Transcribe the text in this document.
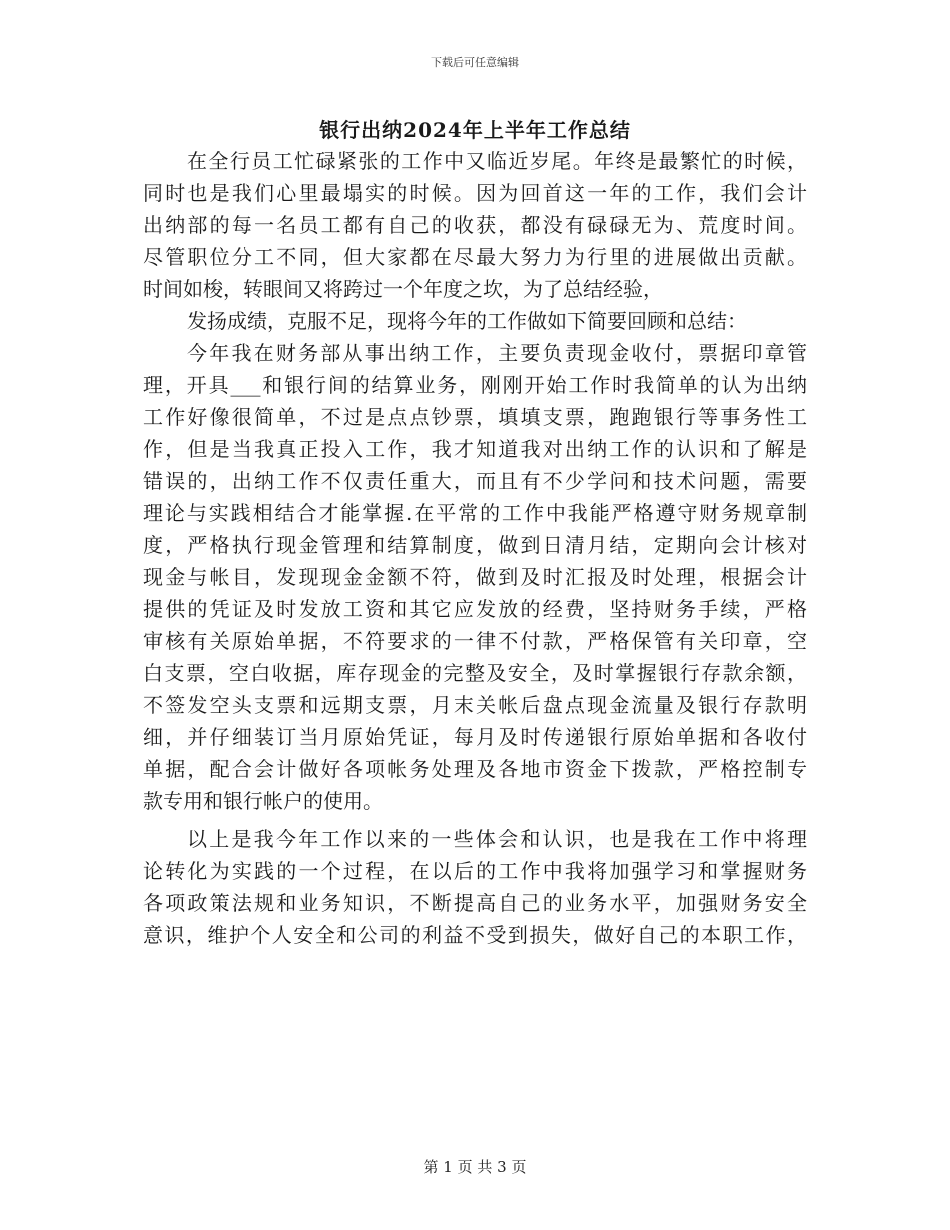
下载后可任意编辑
银行出纳2024年上半年工作总结
在全行员工忙碌紧张的工作中又临近岁尾。年终是最繁忙的时候，
同时也是我们心里最塌实的时候。因为回首这一年的工作，我们会计
出纳部的每一名员工都有自己的收获，都没有碌碌无为、荒度时间。
尽管职位分工不同，但大家都在尽最大努力为行里的进展做出贡献。
时间如梭，转眼间又将跨过一个年度之坎，为了总结经验，
发扬成绩，克服不足，现将今年的工作做如下简要回顾和总结：
今年我在财务部从事出纳工作，主要负责现金收付，票据印章管
理，开具___和银行间的结算业务，刚刚开始工作时我简单的认为出纳
工作好像很简单，不过是点点钞票，填填支票，跑跑银行等事务性工
作，但是当我真正投入工作，我才知道我对出纳工作的认识和了解是
错误的，出纳工作不仅责任重大，而且有不少学问和技术问题，需要
理论与实践相结合才能掌握.在平常的工作中我能严格遵守财务规章制
度，严格执行现金管理和结算制度，做到日清月结，定期向会计核对
现金与帐目，发现现金金额不符，做到及时汇报及时处理，根据会计
提供的凭证及时发放工资和其它应发放的经费，坚持财务手续，严格
审核有关原始单据，不符要求的一律不付款，严格保管有关印章，空
白支票，空白收据，库存现金的完整及安全，及时掌握银行存款余额，
不签发空头支票和远期支票，月末关帐后盘点现金流量及银行存款明
细，并仔细装订当月原始凭证，每月及时传递银行原始单据和各收付
单据，配合会计做好各项帐务处理及各地市资金下拨款，严格控制专
款专用和银行帐户的使用。
以上是我今年工作以来的一些体会和认识，也是我在工作中将理
论转化为实践的一个过程，在以后的工作中我将加强学习和掌握财务
各项政策法规和业务知识，不断提高自己的业务水平，加强财务安全
意识，维护个人安全和公司的利益不受到损失，做好自己的本职工作，
第 1 页 共 3 页
